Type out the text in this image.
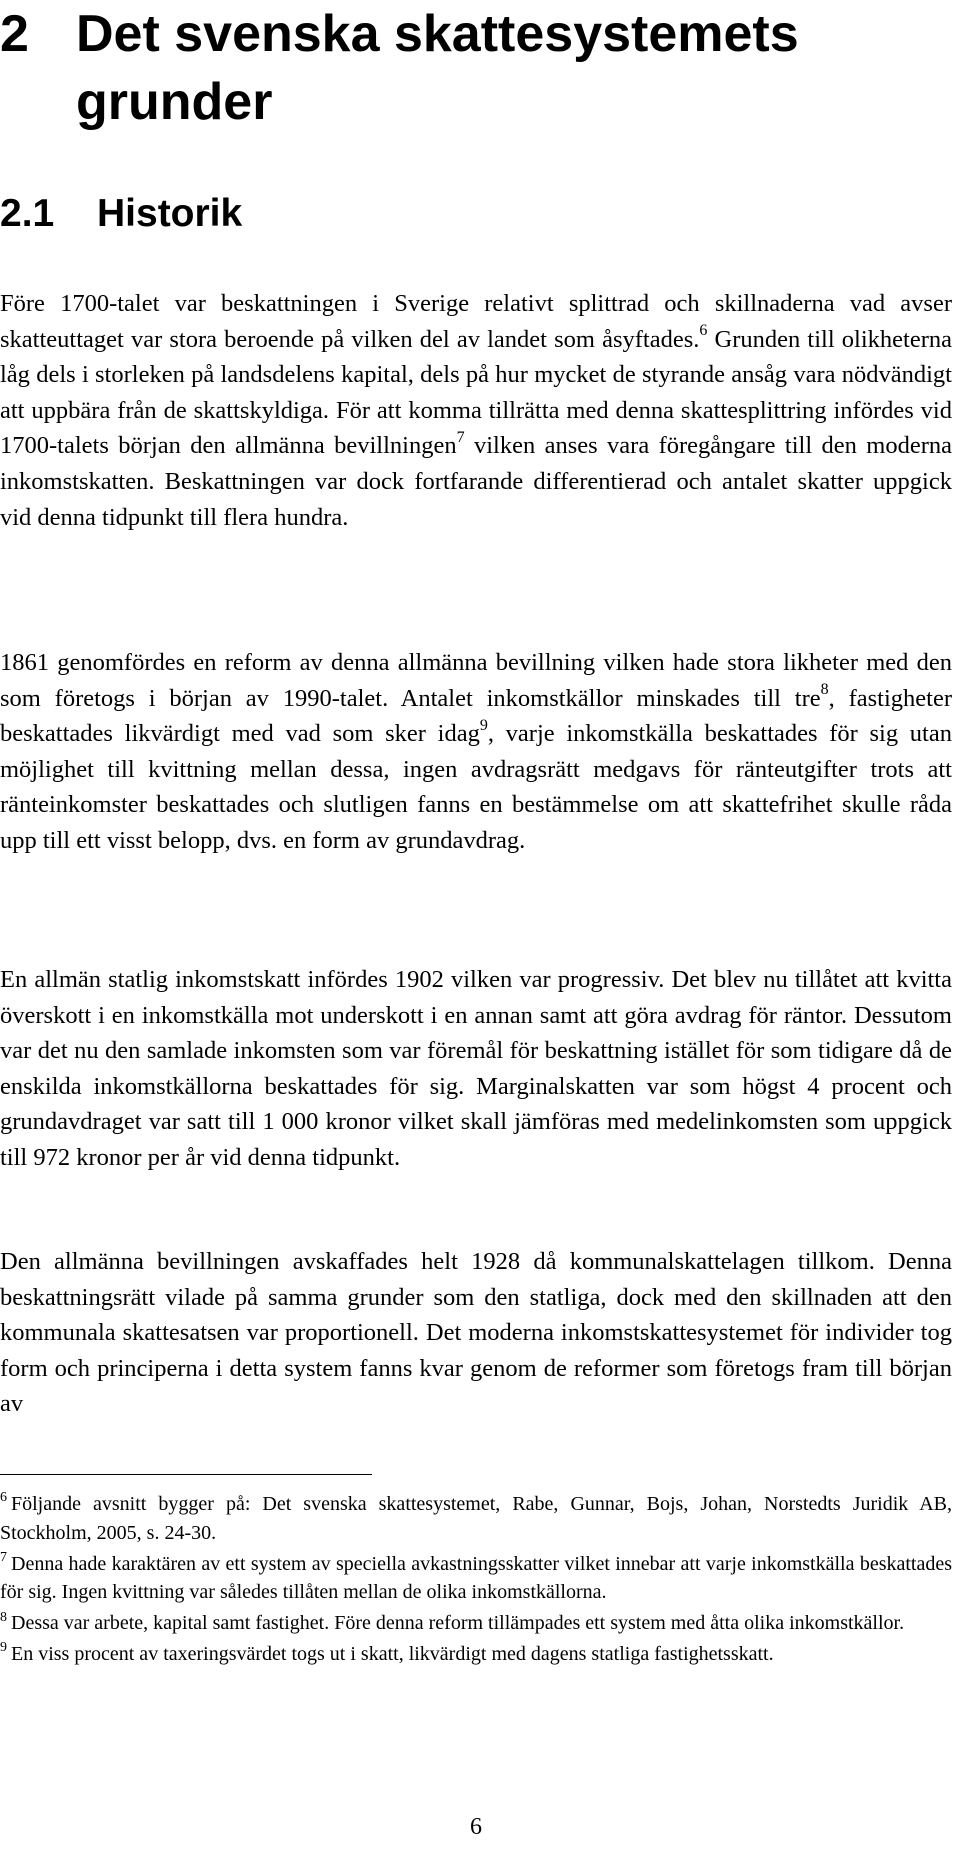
2 Det svenska skattesystemets grunder
2.1 Historik

Före 1700-talet var beskattningen i Sverige relativt splittrad och skillnaderna vad avser skatteuttaget var stora beroende på vilken del av landet som åsyftades.$^6$ Grunden till olikheterna låg dels i storleken på landsdelens kapital, dels på hur mycket de styrande ansåg vara nödvändigt att uppbära från de skattskyldiga. För att komma tillrätta med denna skattesplittring infördes vid 1700-talets början den allmänna bevillningen$^7$ vilken anses vara föregångare till den moderna inkomstskatten. Beskattningen var dock fortfarande differentierad och antalet skatter uppgick vid denna tidpunkt till flera hundra.

1861 genomfördes en reform av denna allmänna bevillning vilken hade stora likheter med den som företogs i början av 1990-talet. Antalet inkomstkällor minskades till tre$^8$, fastigheter beskattades likvärdigt med vad som sker idag$^9$, varje inkomstkälla beskattades för sig utan möjlighet till kvittning mellan dessa, ingen avdragsrätt medgavs för ränteutgifter trots att ränteinkomster beskattades och slutligen fanns en bestämmelse om att skattefrihet skulle råda upp till ett visst belopp, dvs. en form av grundavdrag.

En allmän statlig inkomstskatt infördes 1902 vilken var progressiv. Det blev nu tillåtet att kvitta överskott i en inkomstkälla mot underskott i en annan samt att göra avdrag för räntor. Dessutom var det nu den samlade inkomsten som var föremål för beskattning istället för som tidigare då de enskilda inkomstkällorna beskattades för sig. Marginalskatten var som högst 4 procent och grundavdraget var satt till 1 000 kronor vilket skall jämföras med medelinkomsten som uppgick till 972 kronor per år vid denna tidpunkt.

Den allmänna bevillningen avskaffades helt 1928 då kommunalskattelagen tillkom. Denna beskattningsrätt vilade på samma grunder som den statliga, dock med den skillnaden att den kommunala skattesatsen var proportionell. Det moderna inkomstskattesystemet för individer tog form och principerna i detta system fanns kvar genom de reformer som företogs fram till början av

$^6$ Följande avsnitt bygger på: Det svenska skattesystemet, Rabe, Gunnar, Bojs, Johan, Norstedts Juridik AB, Stockholm, 2005, s. 24-30.

$^7$ Denna hade karaktären av ett system av speciella avkastningsskatter vilket innebar att varje inkomstkälla beskattades för sig. Ingen kvittning var således tillåten mellan de olika inkomstkällorna.

$^8$ Dessa var arbete, kapital samt fastighet. Före denna reform tillämpades ett system med åtta olika inkomstkällor.

$^9$ En viss procent av taxeringsvärdet togs ut i skatt, likvärdigt med dagens statliga fastighetsskatt.

6
